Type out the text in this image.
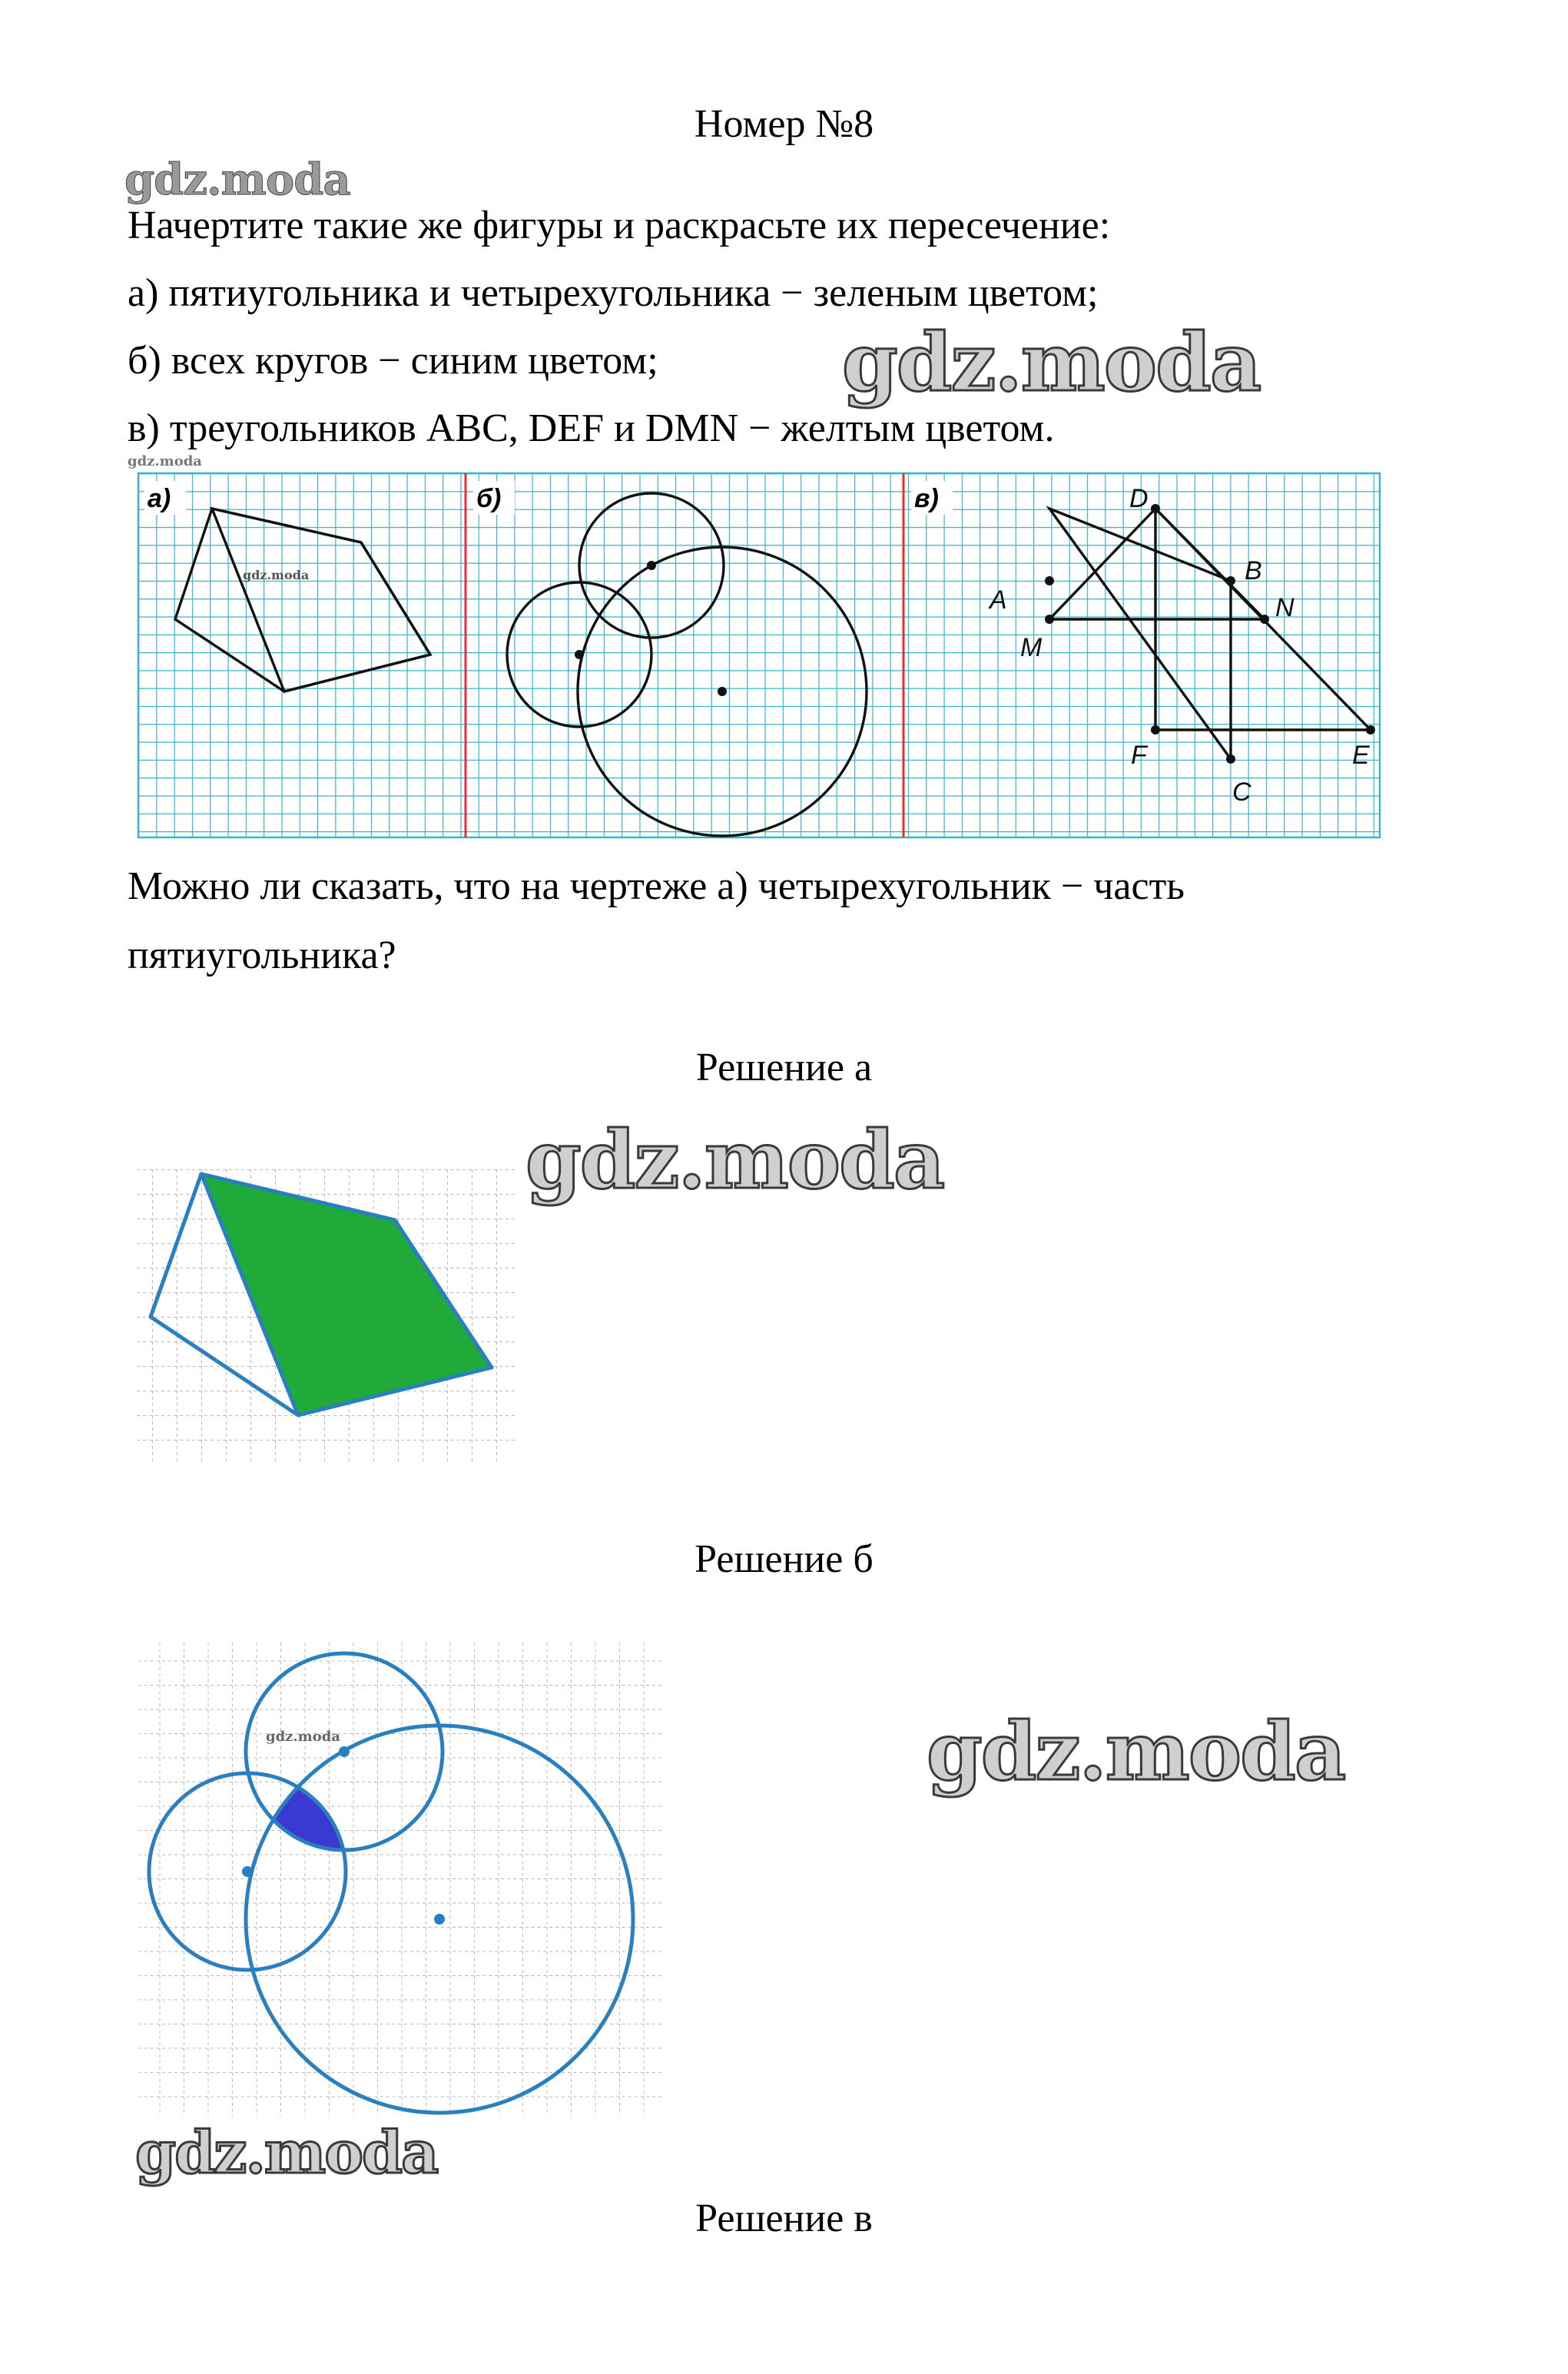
Номер №8
gdz.moda
Начертите такие же фигуры и раскрасьте их пересечение:
а) пятиугольника и четырехугольника − зеленым цветом;
б) всех кругов − синим цветом; gdz.moda
в) треугольников ABC, DEF и DMN − желтым цветом.
gdz.moda
а)
gdz.moda
б)	в)	D
A
B
N
M
F	E
C
Можно ли сказать, что на чертеже а) четырехугольник − часть
пятиугольника?
Решение а
gdz.moda
Решение б
gdz.moda	gdz.moda
gdz.moda
Решение в
